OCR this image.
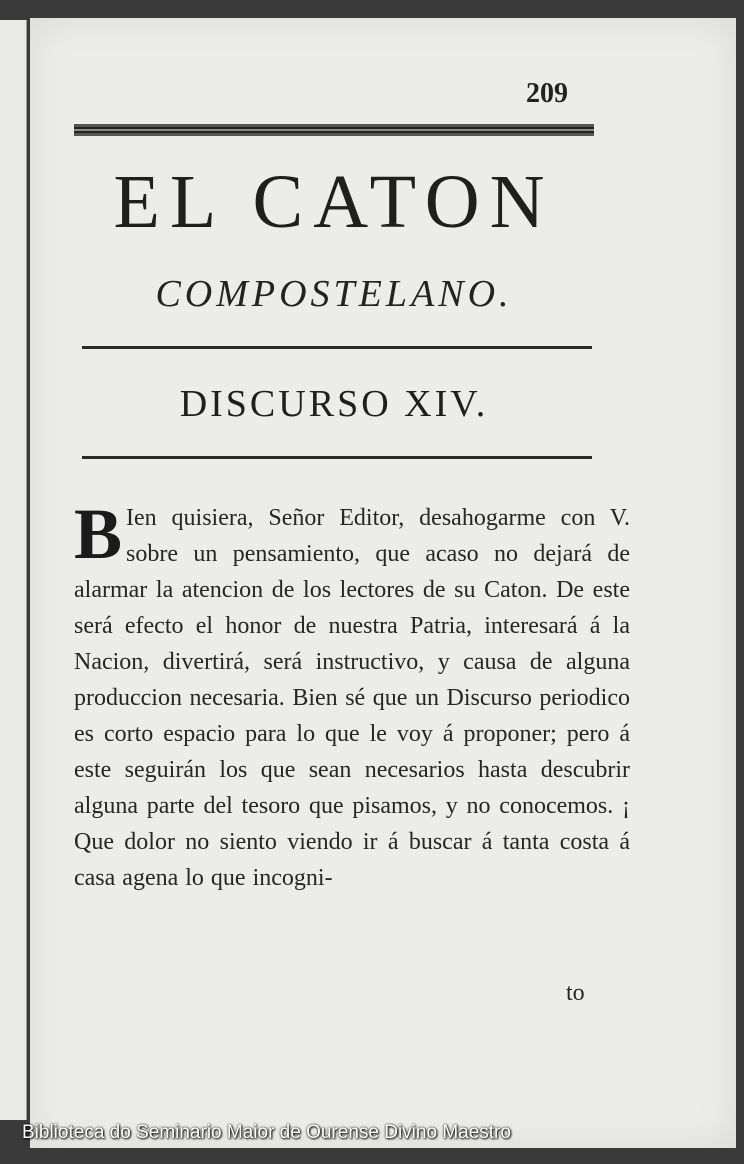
209
EL CATON
COMPOSTELANO.
DISCURSO XIV.
B Ien quisiera, Señor Editor, desahogarme con V. sobre un pensamiento, que acaso no dejará de alarmar la atencion de los lectores de su Caton. De este será efecto el honor de nuestra Patria, interesará á la Nacion, divertirá, será instructivo, y causa de alguna produccion necesaria. Bien sé que un Discurso periodico es corto espacio para lo que le voy á proponer; pero á este seguirán los que sean necesarios hasta descubrir alguna parte del tesoro que pisamos, y no conocemos. ¡ Que dolor no siento viendo ir á buscar á tanta costa á casa agena lo que incogni-
to
Biblioteca do Seminario Maior de Ourense Divino Maestro
